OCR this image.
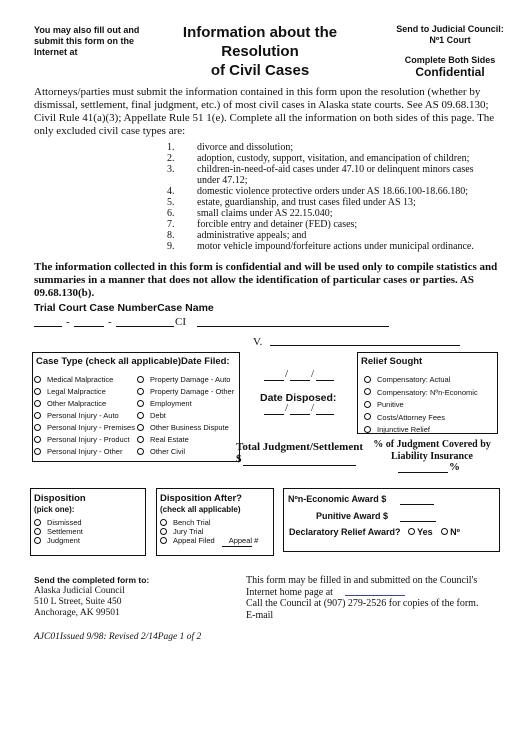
You may also fill out and submit this form on the Internet at
Information about the
Resolution
of Civil Cases
Send to Judicial Council:
Nº1 Court
Complete Both Sides
Confidential
Attorneys/parties must submit the information contained in this form upon the resolution (whether by dismissal, settlement, final judgment, etc.) of most civil cases in Alaska state courts. See AS 09.68.130;
Civil Rule 41(a)(3); Appellate Rule 51 1(e). Complete all the information on both sides of this page. The only excluded civil case types are:
1. divorce and dissolution;
2. adoption, custody, support, visitation, and emancipation of children;
3. children-in-need-of-aid cases under 47.10 or delinquent minors cases under 47.12;
4. domestic violence protective orders under AS 18.66.100-18.66.180;
5. estate, guardianship, and trust cases filed under AS 13;
6. small claims under AS 22.15.040;
7. forcible entry and detainer (FED) cases;
8. administrative appeals; and
9. motor vehicle impound/forfeiture actions under municipal ordinance.
The information collected in this form is confidential and will be used only to compile statistics and summaries in a manner that does not allow the identification of particular cases or parties. AS 09.68.130(b).
Trial Court Case NumberCase Name
-	-	CI
V.
Case Type (check all applicable)Date Filed:
Medical Malpractice
Legal Malpractice
Other Malpractice
Personal Injury - Auto
Personal Injury - Premises
Personal Injury - Product
Personal Injury - Other
Property Damage - Auto
Property Damage - Other
Employment
Debt
Other Business Dispute
Real Estate
Other Civil
/ /
Date Disposed:
/ /
Relief Sought
Compensatory: Actual
Compensatory: Nºn-Economic
Punitive
Costs/Attorney Fees
Injunctive Relief
Total Judgment/Settlement
$
% of Judgment Covered by Liability Insurance
%
Disposition
(pick one):
Dismissed
Settlement
Judgment
Disposition After?
(check all applicable)
Bench Trial
Jury Trial
Appeal Filed Appeal #
Nºn-Economic Award $
Punitive Award $
Declaratory Relief Award? Yes Nº
Send the completed form to:
Alaska Judicial Council
510 L Street, Suite 450
Anchorage, AK 99501
This form may be filled in and submitted on the Council's
Internet home page at
Call the Council at (907) 279-2526 for copies of the form.
E-mail
AJC01Issued 9/98: Revised 2/14Page 1 of 2
